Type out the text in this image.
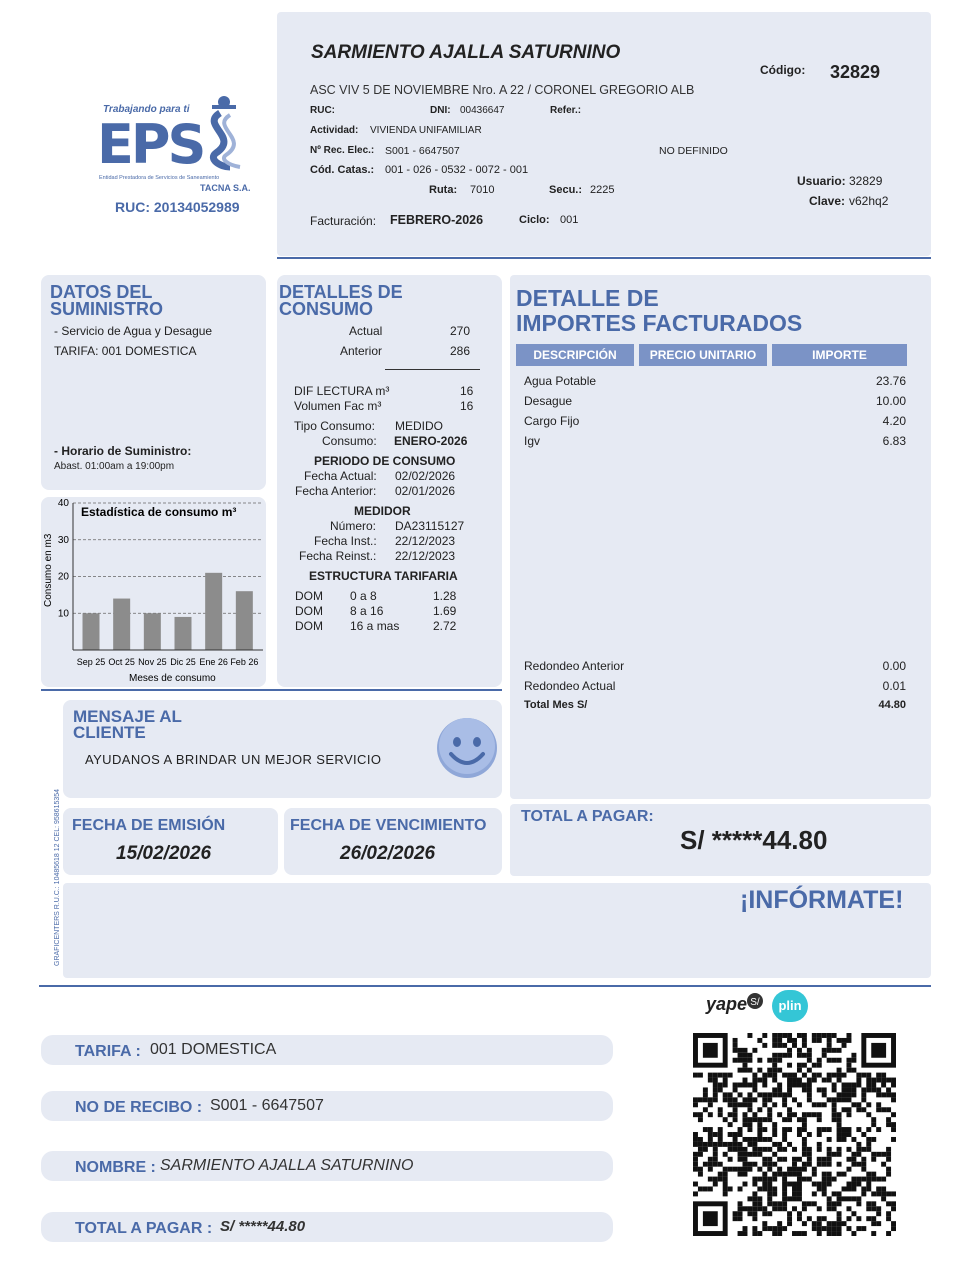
Trabajando para ti
EPS
Entidad Prestadora de Servicios de Saneamiento
TACNA S.A.
RUC: 20134052989
SARMIENTO AJALLA SATURNINO
Código: 32829
ASC VIV 5 DE NOVIEMBRE Nro. A 22 / CORONEL GREGORIO ALB
RUC:	DNI: 00436647	Refer.:
Actividad: VIVIENDA UNIFAMILIAR
Nº Rec. Elec.: S001 - 6647507	NO DEFINIDO
Cód. Catas.: 001 - 026 - 0532 - 0072 - 001
Ruta: 7010	Secu.: 2225
Usuario: 32829
Clave: v62hq2
Facturación: FEBRERO-2026	Ciclo: 001
DATOS DEL
SUMINISTRO
- Servicio de Agua y Desague
TARIFA: 001 DOMESTICA
- Horario de Suministro:
Abast. 01:00am a 19:00pm
10
20
30
40
Sep 25 Oct 25 Nov 25 Dic 25 Ene 26 Feb 26
Estadística de consumo m³
Consumo en m3
Meses de consumo
DETALLES DE
CONSUMO
Actual	270
Anterior	286
DIF LECTURA m³	16
Volumen Fac m³	16
Tipo Consumo: MEDIDO
Consumo: ENERO-2026
PERIODO DE CONSUMO
Fecha Actual: 02/02/2026
Fecha Anterior: 02/01/2026
MEDIDOR
Número: DA23115127
Fecha Inst.: 22/12/2023
Fecha Reinst.: 22/12/2023
ESTRUCTURA TARIFARIA
DOM 0 a 8	1.28
DOM 8 a 16	1.69
DOM 16 a mas	2.72
DETALLE DE
IMPORTES FACTURADOS
DESCRIPCIÓN	PRECIO UNITARIO	IMPORTE
Agua Potable	23.76
Desague	10.00
Cargo Fijo	4.20
Igv	6.83
Redondeo Anterior	0.00
Redondeo Actual	0.01
Total Mes S/	44.80
MENSAJE AL
CLIENTE
AYUDANOS A BRINDAR UN MEJOR SERVICIO
GRAFICENTERS R.U.C.: 10485618 12 CEL: 958615354 FECHA DE EMISIÓN
15/02/2026
FECHA DE VENCIMIENTO
26/02/2026
TOTAL A PAGAR:
S/ *****44.80
¡INFÓRMATE!
yape S/	plin
TARIFA : 001 DOMESTICA
NO DE RECIBO : S001 - 6647507
NOMBRE : SARMIENTO AJALLA SATURNINO
TOTAL A PAGAR : S/ *****44.80
